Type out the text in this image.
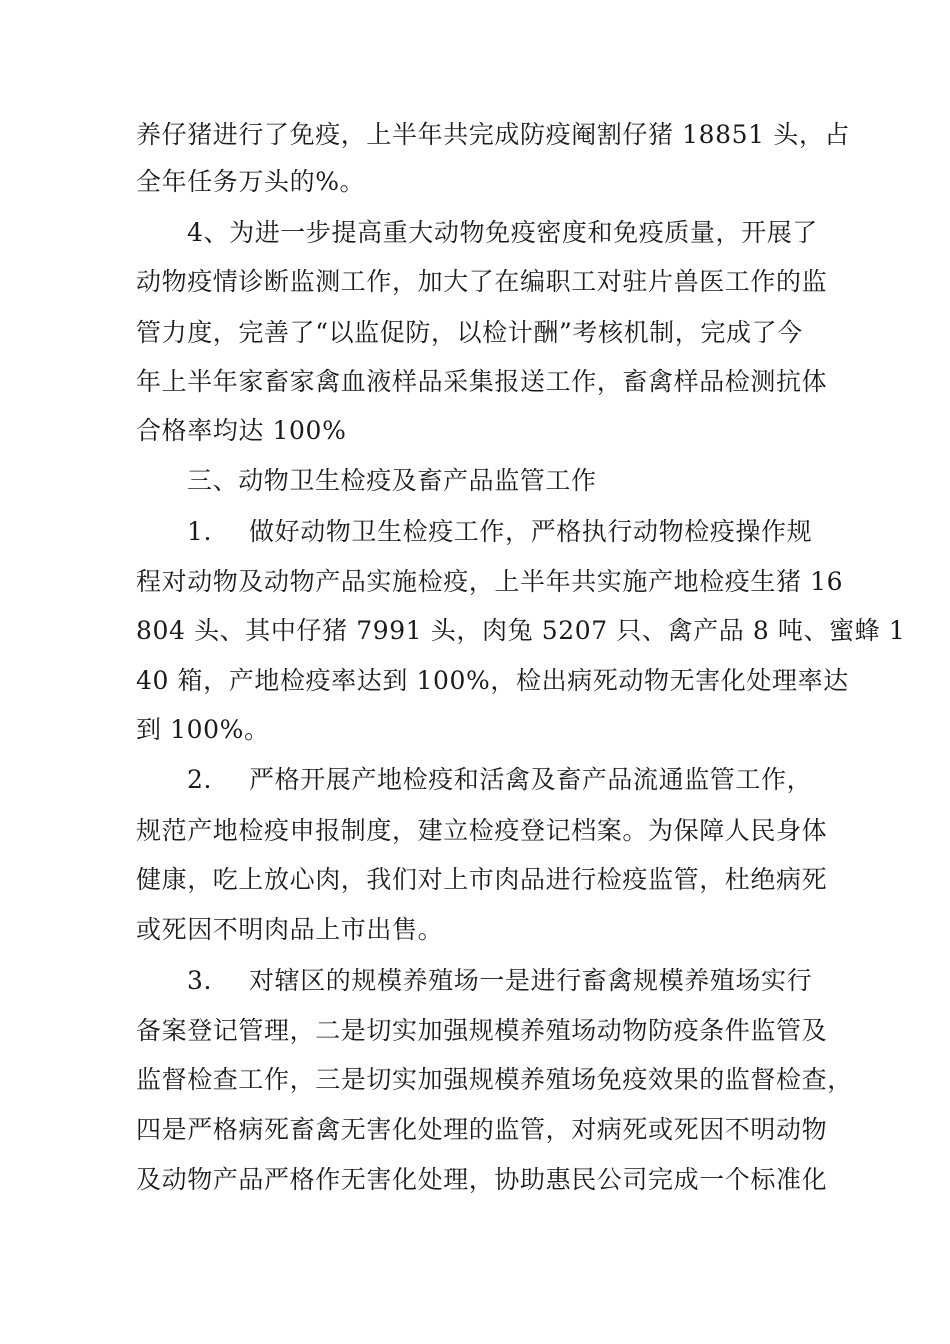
养仔猪进行了免疫，上半年共完成防疫阉割仔猪 18851 头，占
全年任务万头的%。
4、为进一步提高重大动物免疫密度和免疫质量，开展了
动物疫情诊断监测工作，加大了在编职工对驻片兽医工作的监
管力度，完善了“以监促防，以检计酬”考核机制，完成了今
年上半年家畜家禽血液样品采集报送工作，畜禽样品检测抗体
合格率均达 100%
三、动物卫生检疫及畜产品监管工作
1. 做好动物卫生检疫工作，严格执行动物检疫操作规
程对动物及动物产品实施检疫，上半年共实施产地检疫生猪 16
804 头、其中仔猪 7991 头，肉兔 5207 只、禽产品 8 吨、蜜蜂 1
40 箱，产地检疫率达到 100%，检出病死动物无害化处理率达
到 100%。
2. 严格开展产地检疫和活禽及畜产品流通监管工作，
规范产地检疫申报制度，建立检疫登记档案。为保障人民身体
健康，吃上放心肉，我们对上市肉品进行检疫监管，杜绝病死
或死因不明肉品上市出售。
3. 对辖区的规模养殖场一是进行畜禽规模养殖场实行
备案登记管理，二是切实加强规模养殖场动物防疫条件监管及
监督检查工作，三是切实加强规模养殖场免疫效果的监督检查，
四是严格病死畜禽无害化处理的监管，对病死或死因不明动物
及动物产品严格作无害化处理，协助惠民公司完成一个标准化
